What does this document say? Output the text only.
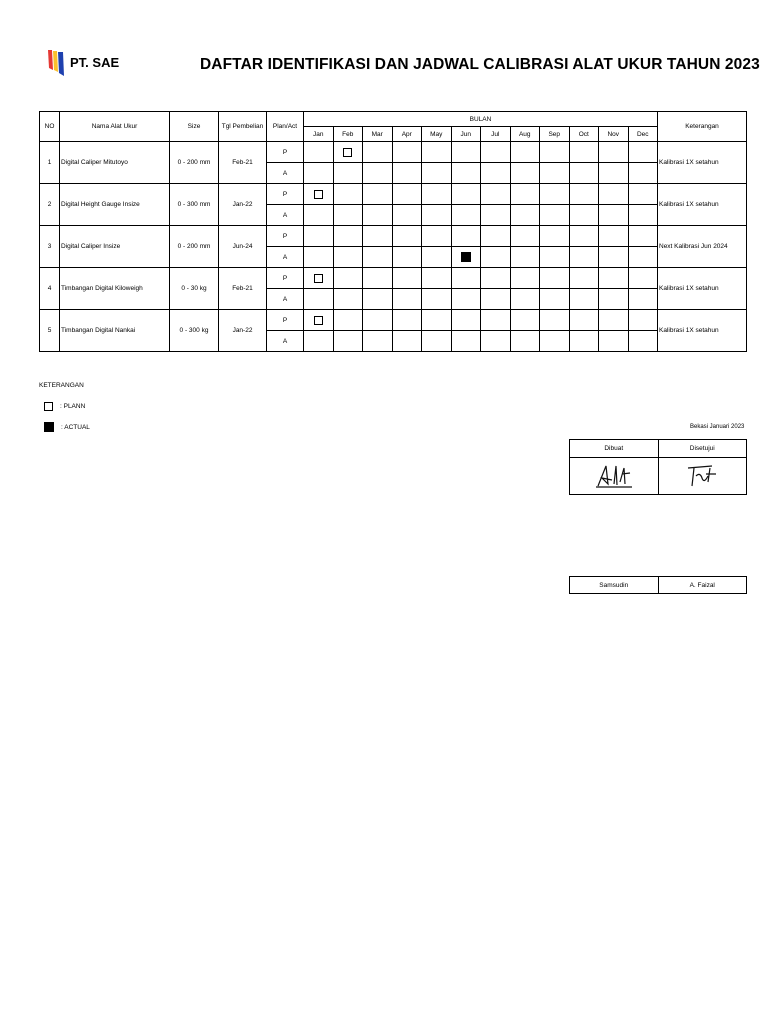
PT. SAE	DAFTAR IDENTIFIKASI DAN JADWAL CALIBRASI ALAT UKUR TAHUN 2023
NO	Nama Alat Ukur	Size	Tgl Pembelian	Plan/Act	BULAN												Keterangan
					Jan	Feb	Mar	Apr	May	Jun	Jul	Aug	Sep	Oct	Nov	Dec	
1	Digital Caliper Mitutoyo	0 - 200 mm	Feb-21	P													Kalibrasi 1X setahun
				A													
2	Digital Height Gauge Insize	0 - 300 mm	Jan-22	P													Kalibrasi 1X setahun
				A													
3	Digital Caliper Insize	0 - 200 mm	Jun-24	P													Next Kalibrasi Jun 2024
				A													
4	Timbangan Digital Kiloweigh	0 - 30 kg	Feb-21	P													Kalibrasi 1X setahun
				A													
5	Timbangan Digital Nankai	0 - 300 kg	Jan-22	P													Kalibrasi 1X setahun
				A													
KETERANGAN
: PLANN
: ACTUAL	Bekasi Januari 2023
Dibuat	Disetujui

Samsudin	A. Faizal
